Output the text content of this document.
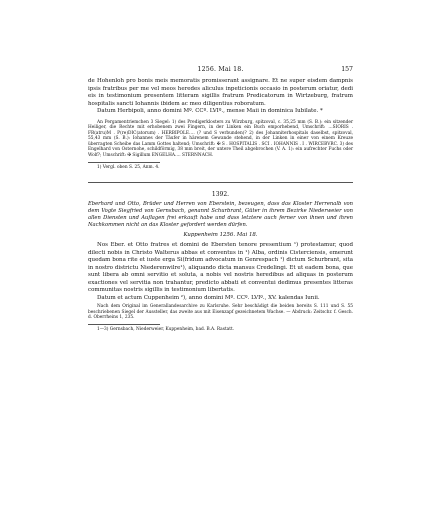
1256. Mai 18.	157

de Hohenloh pro bonis meis memoratis promisserant assignare. Et ne super eisdem dampnis ipsis fratribus per me vel meos heredes aliculus inpeticionis occasio in posterum oriatur, dedi eis in testimonium presentem litteram sigillis fratrum Predicatorum in Wirtzeburg, fratrum hospitalis sancti Iohannis ibidem ac meo diligentius roboratum.

Datum Herbipoli, anno domini Mº. CCº. LVIº., mense Maii in dominica Iubilate. *

An Pergamentriemchen 3 Siegel: 1) des Predigerklosters zu Wirzburg, spitzoval, c. 35,25 mm (S. B.): ein sitzender Heiliger, die Rechte mit erhobenem zwei Fingern, in der Linken ein Buch emporhebend, Umschrift: …SIORIS . FR(atru)M . P(re)DIC(atorum) . HERBIPOLE…. (? und S verbunden)? 2) des Johanniterhospitals daselbst, spitzoval, 55,43 mm (S. B.): Iohannes der Täufer in härenem Gewande stehend, in der Linken in einer von einem Kreuze überragten Scheibe das Lamm Gottes haltend; Umschrift: ✠ S . HOSPITALIS . SCI . IOHANNIS . I . WIRCEBVRC. 3) des Engelhard von Osternohe, schildförmig, 38 mm breit, der untere Theil abgebrochen (V. A. 1): ein aufrechter Fuchs oder Wolf?; Umschrift: ✠ Sigillum ENGELHA…. STERNNACH.

1) Vergl. oben S. 25, Anm. 4.

1392.

Eberhard und Otto, Brüder und Herren von Eberstein, bezeugen, dass das Kloster Herrenalb von dem Vogte Siegfried von Gernsbach, genannt Schurbrant, Güter in ihrem Bezirke Niederweier von allen Diensten und Auflagen frei erkauft habe und dass letztere auch ferner von ihnen und ihren Nachkommen nicht an das Kloster gefordert werden dürfen.

Kuppenheim 1256. Mai 18.

Nos Eber. et Otto fratres et domini de Ebersten tenore presentium ¹) protestamur, quod dilecti nobis in Christo Walterus abbas et conventus in ¹) Alba, ordinis Cisterciensis, emerunt quedam bona rite et iuste erga Si(fridum advocatum in Genrespach ¹) dictum Schurbrant, sita in nostro districtu Niederenwilre¹), aliquando dicta mansus Credelingi. Et ut eadem bona, que sunt libera ab omni servitio et soluta, a nobis vel nostris heredibus ad aliquas in posterum exactiones vel servitia non trahantur, predicto abbati et conventui dedimus presentes litteras communitas nostris sigillis in testimonium libertatis.

Datum et actum Cuppenheim ²), anno domini Mº. CCº. LVIº., XV. kalendas Iunii.

Nach dem Original im Generallandesarchive zu Karlsruhe. Sehr beschädigt die beiden bereits S. 111 und S. 55 beschriebenen Siegel der Aussteller, das zweite aus mit Eisenzapf gezeichnetem Wachse. — Abdruck: Zeitschr. f. Gesch. d. Oberrheins 1, 235.

1—3) Gernsbach, Niederweier, Kuppenheim, bad. B.A. Rastatt.
